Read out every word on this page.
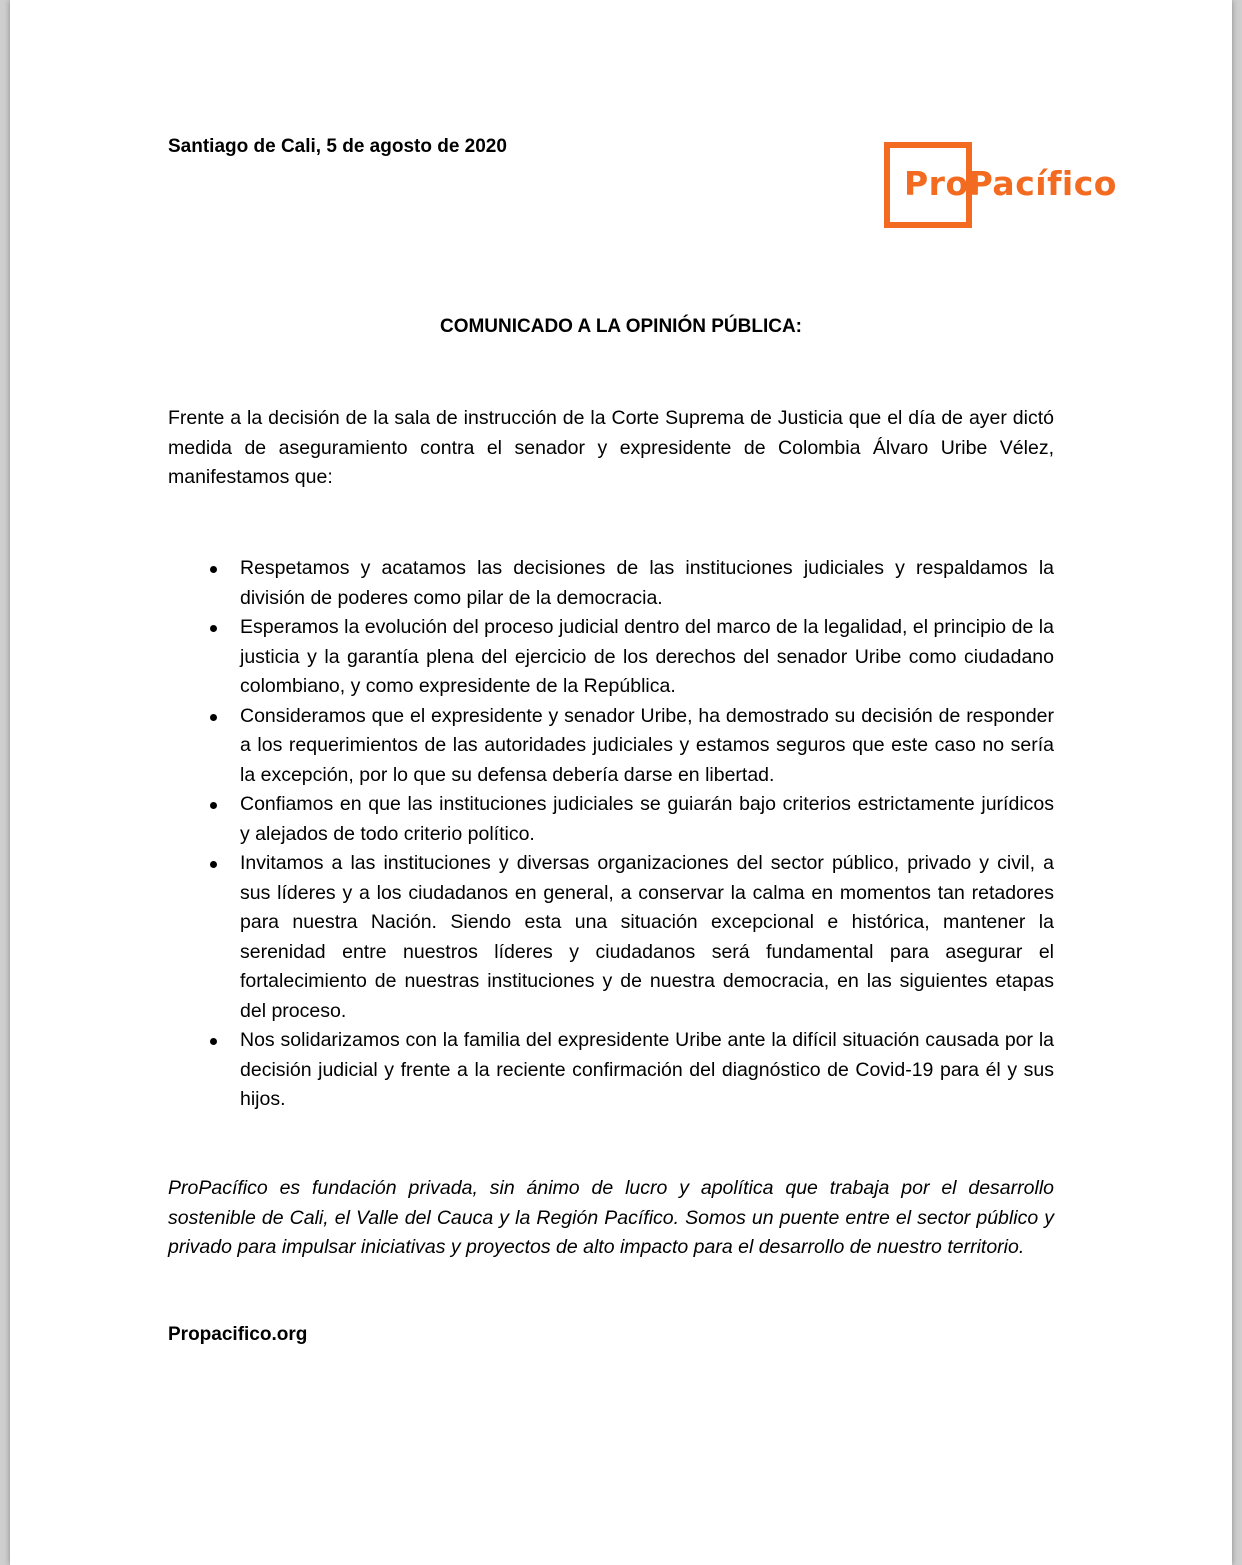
Santiago de Cali, 5 de agosto de 2020
ProPacífico
COMUNICADO A LA OPINIÓN PÚBLICA:

Frente a la decisión de la sala de instrucción de la Corte Suprema de Justicia que el día de ayer dictó medida de aseguramiento contra el senador y expresidente de Colombia Álvaro Uribe Vélez, manifestamos que:

Respetamos y acatamos las decisiones de las instituciones judiciales y respaldamos la división de poderes como pilar de la democracia.
Esperamos la evolución del proceso judicial dentro del marco de la legalidad, el principio de la justicia y la garantía plena del ejercicio de los derechos del senador Uribe como ciudadano colombiano, y como expresidente de la República.
Consideramos que el expresidente y senador Uribe, ha demostrado su decisión de responder a los requerimientos de las autoridades judiciales y estamos seguros que este caso no sería la excepción, por lo que su defensa debería darse en libertad.
Confiamos en que las instituciones judiciales se guiarán bajo criterios estrictamente jurídicos y alejados de todo criterio político.
Invitamos a las instituciones y diversas organizaciones del sector público, privado y civil, a sus líderes y a los ciudadanos en general, a conservar la calma en momentos tan retadores para nuestra Nación. Siendo esta una situación excepcional e histórica, mantener la serenidad entre nuestros líderes y ciudadanos será fundamental para asegurar el fortalecimiento de nuestras instituciones y de nuestra democracia, en las siguientes etapas del proceso.
Nos solidarizamos con la familia del expresidente Uribe ante la difícil situación causada por la decisión judicial y frente a la reciente confirmación del diagnóstico de Covid-19 para él y sus hijos.

ProPacífico es fundación privada, sin ánimo de lucro y apolítica que trabaja por el desarrollo sostenible de Cali, el Valle del Cauca y la Región Pacífico. Somos un puente entre el sector público y privado para impulsar iniciativas y proyectos de alto impacto para el desarrollo de nuestro territorio.

Propacifico.org
